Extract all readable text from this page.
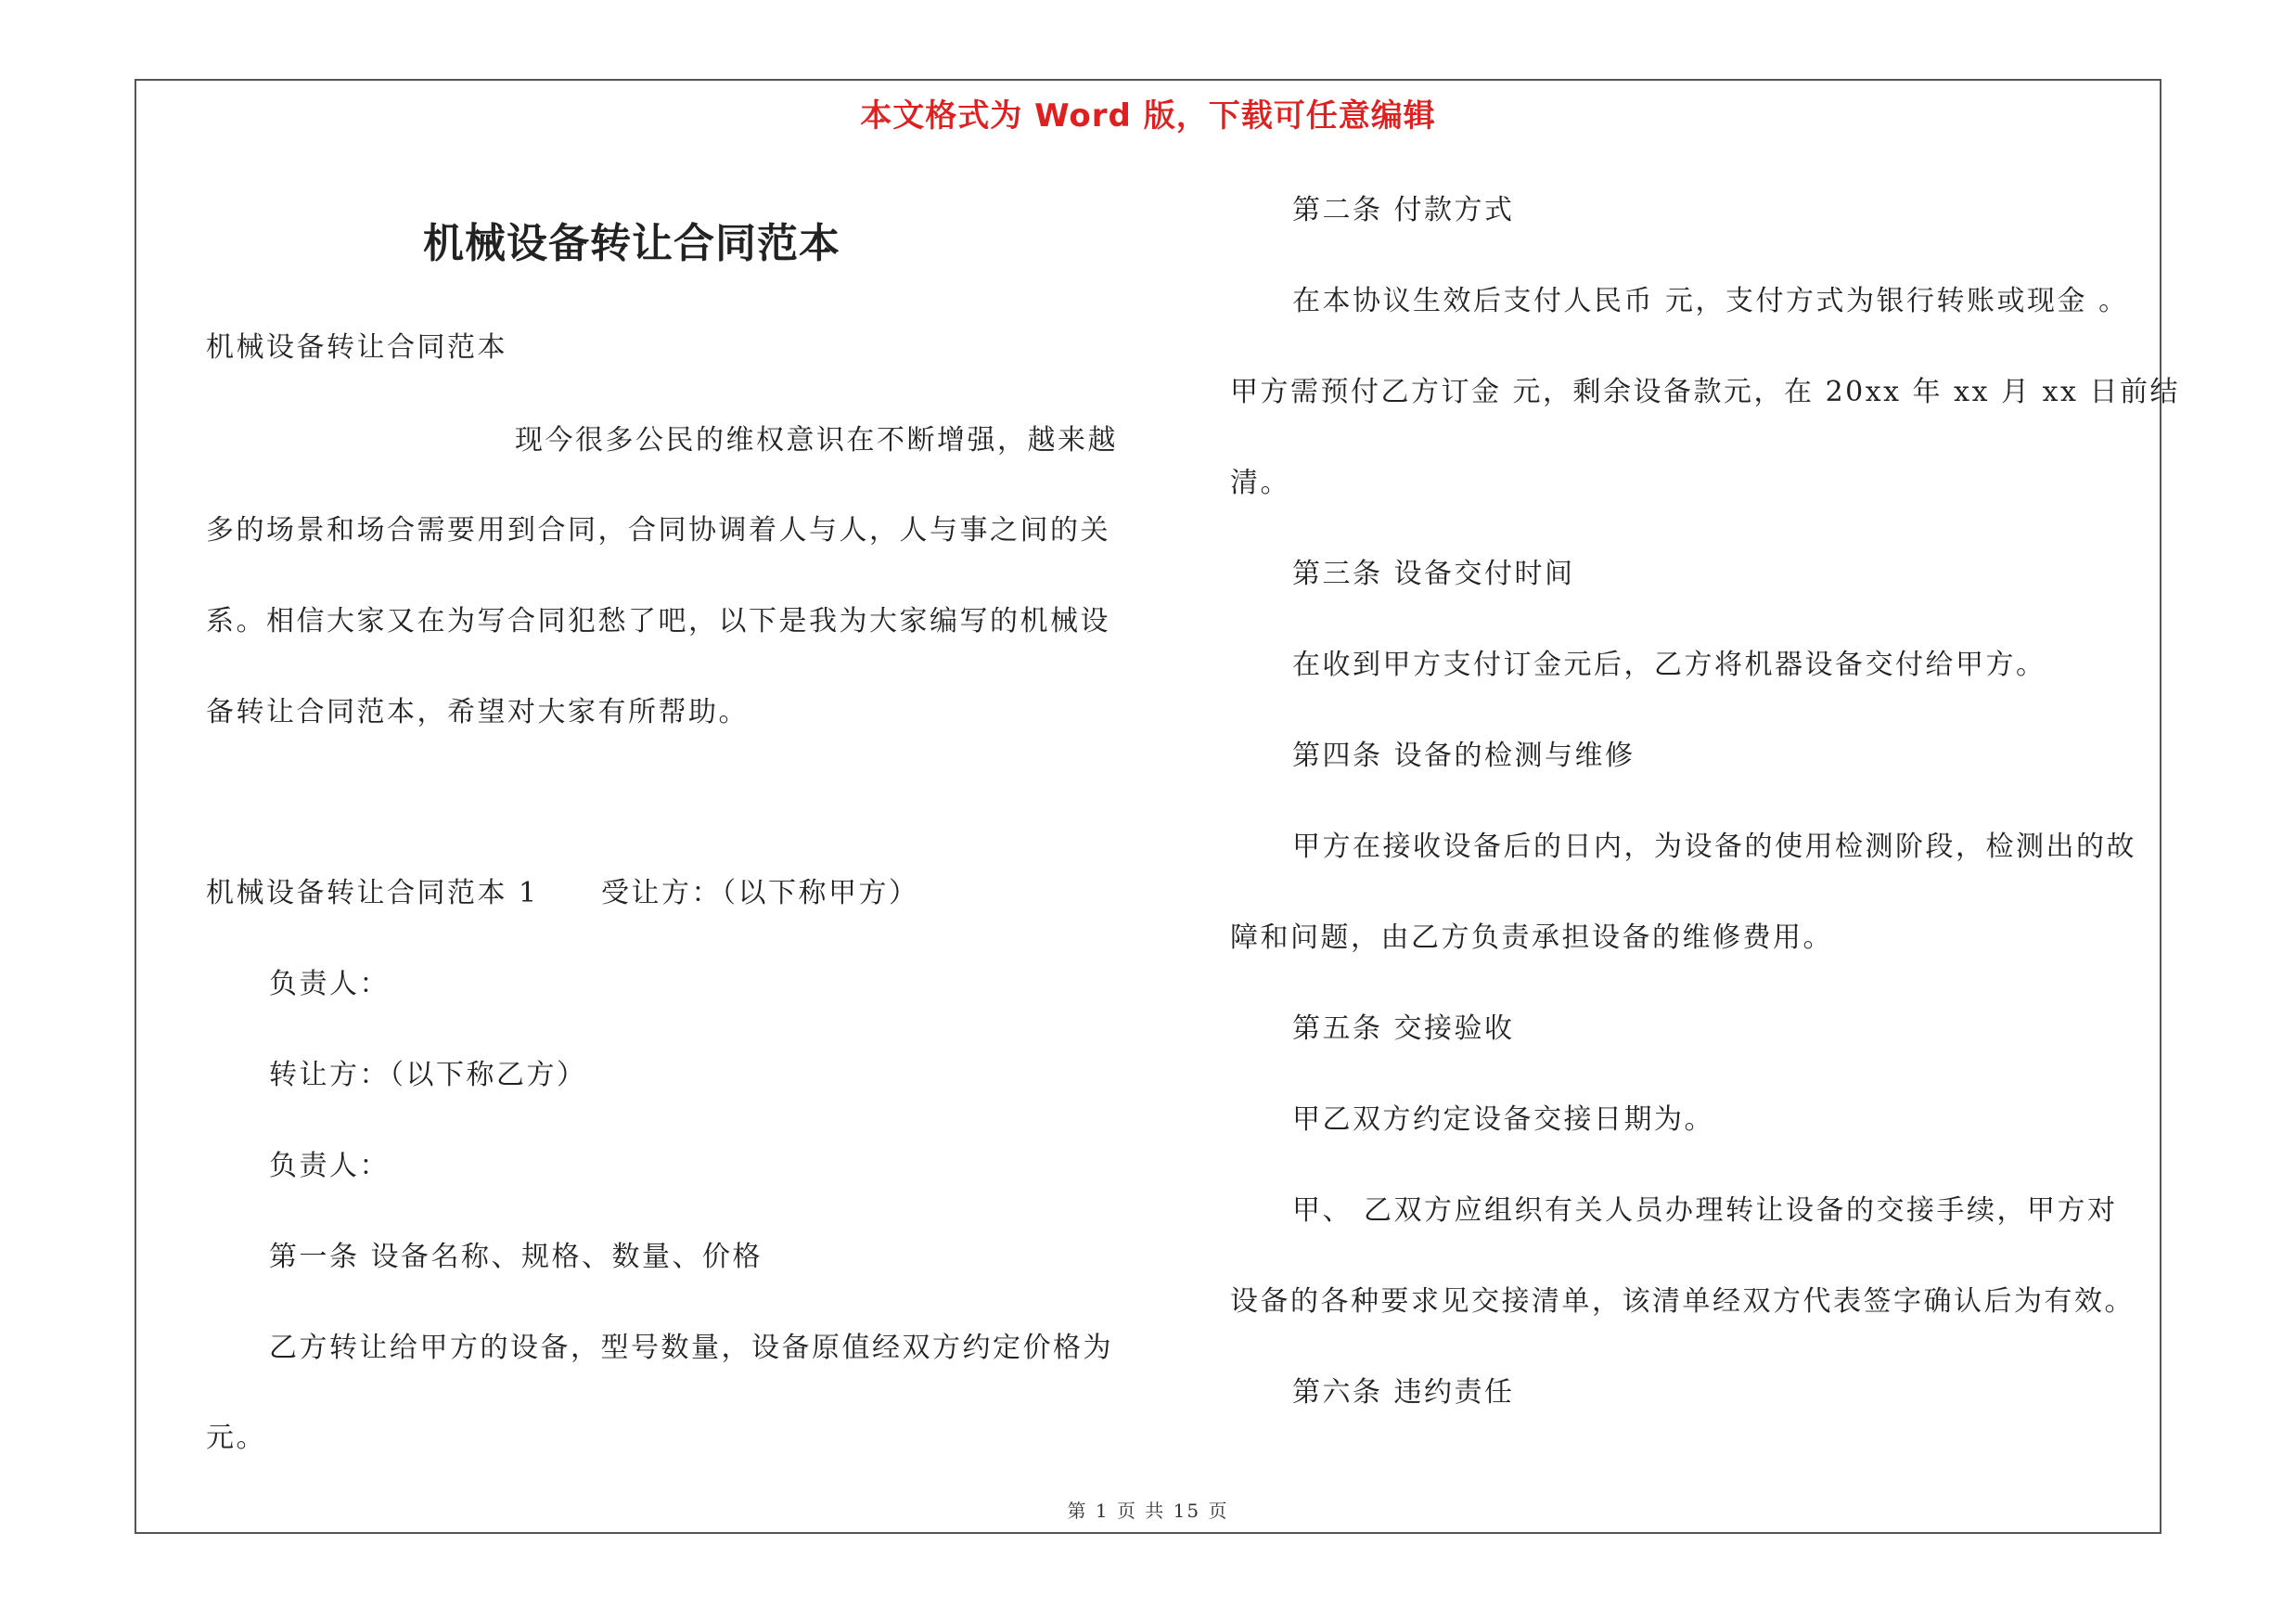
本文格式为 Word 版，下载可任意编辑
机械设备转让合同范本
机械设备转让合同范本
现今很多公民的维权意识在不断增强，越来越
多的场景和场合需要用到合同，合同协调着人与人，人与事之间的关
系。相信大家又在为写合同犯愁了吧，以下是我为大家编写的机械设
备转让合同范本，希望对大家有所帮助。
机械设备转让合同范本 1 受让方：（以下称甲方）
负责人：
转让方：（以下称乙方）
负责人：
第一条 设备名称、规格、数量、价格
乙方转让给甲方的设备，型号数量，设备原值经双方约定价格为
元。
第二条 付款方式
在本协议生效后支付人民币 元，支付方式为银行转账或现金 。
甲方需预付乙方订金 元，剩余设备款元，在 20xx 年 xx 月 xx 日前结
清。
第三条 设备交付时间
在收到甲方支付订金元后，乙方将机器设备交付给甲方。
第四条 设备的检测与维修
甲方在接收设备后的日内，为设备的使用检测阶段，检测出的故
障和问题，由乙方负责承担设备的维修费用。
第五条 交接验收
甲乙双方约定设备交接日期为。
甲、 乙双方应组织有关人员办理转让设备的交接手续，甲方对
设备的各种要求见交接清单，该清单经双方代表签字确认后为有效。
第六条 违约责任
第 1 页 共 15 页
